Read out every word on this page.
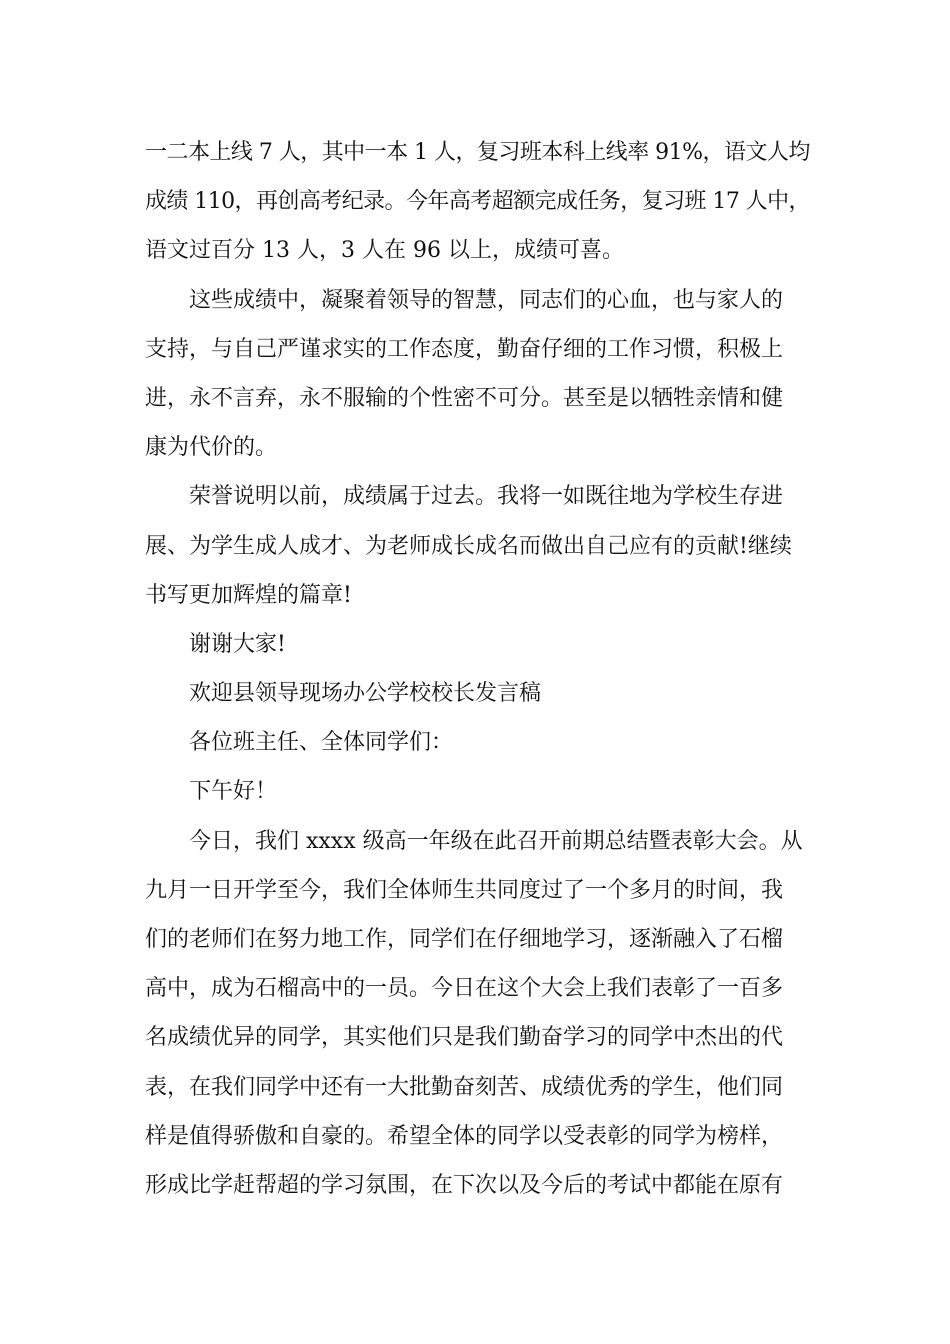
一二本上线 7 人，其中一本 1 人，复习班本科上线率 91%，语文人均
成绩 110，再创高考纪录。今年高考超额完成任务，复习班 17 人中，
语文过百分 13 人，3 人在 96 以上，成绩可喜。
这些成绩中，凝聚着领导的智慧，同志们的心血，也与家人的
支持，与自己严谨求实的工作态度，勤奋仔细的工作习惯，积极上
进，永不言弃，永不服输的个性密不可分。甚至是以牺牲亲情和健
康为代价的。
荣誉说明以前，成绩属于过去。我将一如既往地为学校生存进
展、为学生成人成才、为老师成长成名而做出自己应有的贡献!继续
书写更加辉煌的篇章!
谢谢大家!
欢迎县领导现场办公学校校长发言稿
各位班主任、全体同学们：
下午好！
今日，我们 xxxx 级高一年级在此召开前期总结暨表彰大会。从
九月一日开学至今，我们全体师生共同度过了一个多月的时间，我
们的老师们在努力地工作，同学们在仔细地学习，逐渐融入了石榴
高中，成为石榴高中的一员。今日在这个大会上我们表彰了一百多
名成绩优异的同学，其实他们只是我们勤奋学习的同学中杰出的代
表，在我们同学中还有一大批勤奋刻苦、成绩优秀的学生，他们同
样是值得骄傲和自豪的。希望全体的同学以受表彰的同学为榜样，
形成比学赶帮超的学习氛围，在下次以及今后的考试中都能在原有
